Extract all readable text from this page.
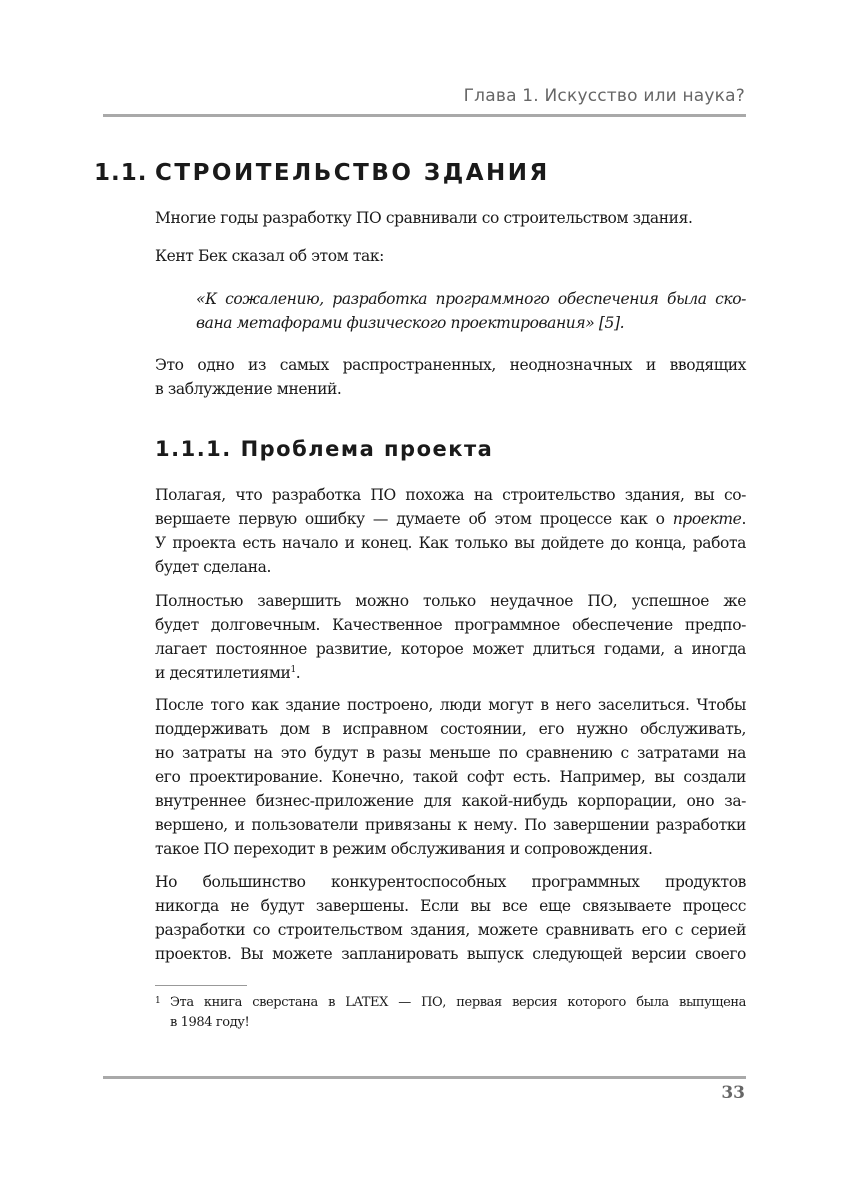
Глава 1. Искусство или наука?
1.1. СТРОИТЕЛЬСТВО ЗДАНИЯ
Многие годы разработку ПО сравнивали со строительством здания.
Кент Бек сказал об этом так:
«К сожалению, разработка программного обеспечения была ско-
вана метафорами физического проектирования» [5].
Это одно из самых распространенных, неоднозначных и вводящих
в заблуждение мнений.
1.1.1. Проблема проекта
Полагая, что разработка ПО похожа на строительство здания, вы со-
вершаете первую ошибку — думаете об этом процессе как о проекте.
У проекта есть начало и конец. Как только вы дойдете до конца, работа
будет сделана.
Полностью завершить можно только неудачное ПО, успешное же
будет долговечным. Качественное программное обеспечение предпо-
лагает постоянное развитие, которое может длиться годами, а иногда
и десятилетиями$^1$.
После того как здание построено, люди могут в него заселиться. Чтобы
поддерживать дом в исправном состоянии, его нужно обслуживать,
но затраты на это будут в разы меньше по сравнению с затратами на
его проектирование. Конечно, такой софт есть. Например, вы создали
внутреннее бизнес-приложение для какой-нибудь корпорации, оно за-
вершено, и пользователи привязаны к нему. По завершении разработки
такое ПО переходит в режим обслуживания и сопровождения.
Но большинство конкурентоспособных программных продуктов
никогда не будут завершены. Если вы все еще связываете процесс
разработки со строительством здания, можете сравнивать его с серией
проектов. Вы можете запланировать выпуск следующей версии своего
1 Эта книга сверстана в LATEX — ПО, первая версия которого была выпущена
в 1984 году!
33
